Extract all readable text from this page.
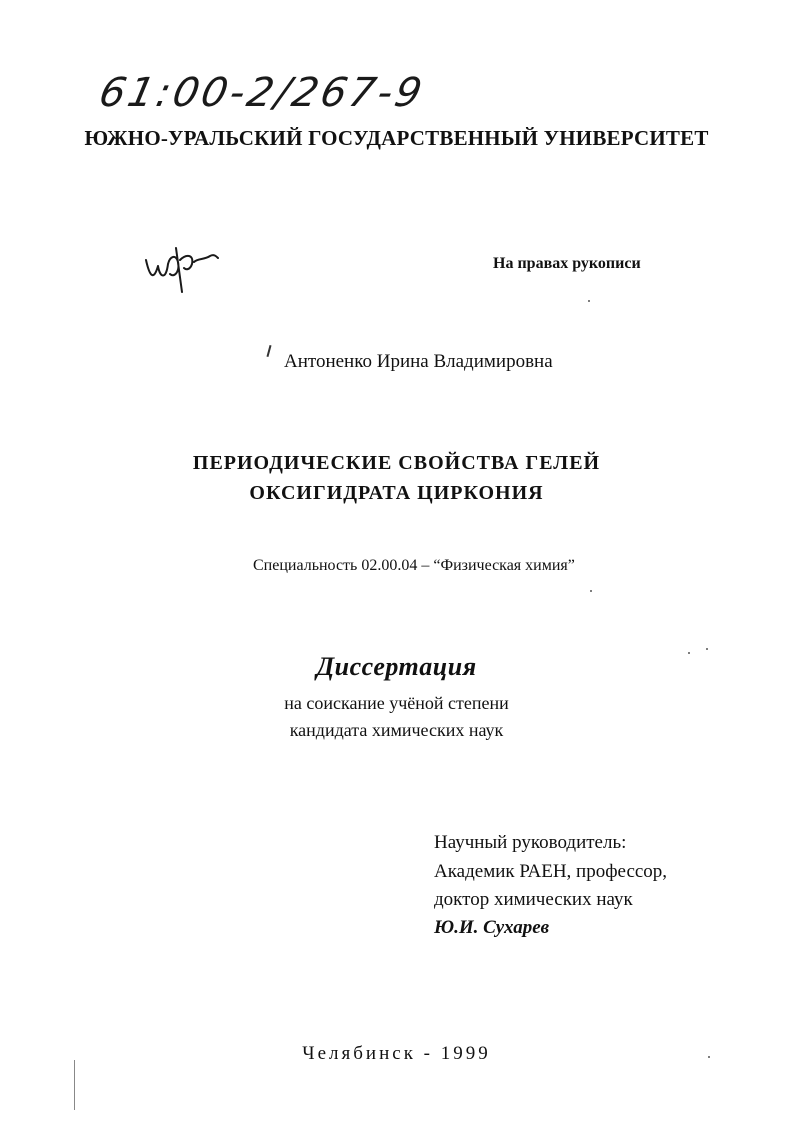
61:00-2/267-9
ЮЖНО-УРАЛЬСКИЙ ГОСУДАРСТВЕННЫЙ УНИВЕРСИТЕТ
На правах рукописи
Антоненко Ирина Владимировна
ПЕРИОДИЧЕСКИЕ СВОЙСТВА ГЕЛЕЙ
ОКСИГИДРАТА ЦИРКОНИЯ
Специальность 02.00.04 – “Физическая химия”
Диссертация
на соискание учёной степени
кандидата химических наук
Научный руководитель:
Академик РАЕН, профессор,
доктор химических наук
Ю.И. Сухарев
Челябинск - 1999
